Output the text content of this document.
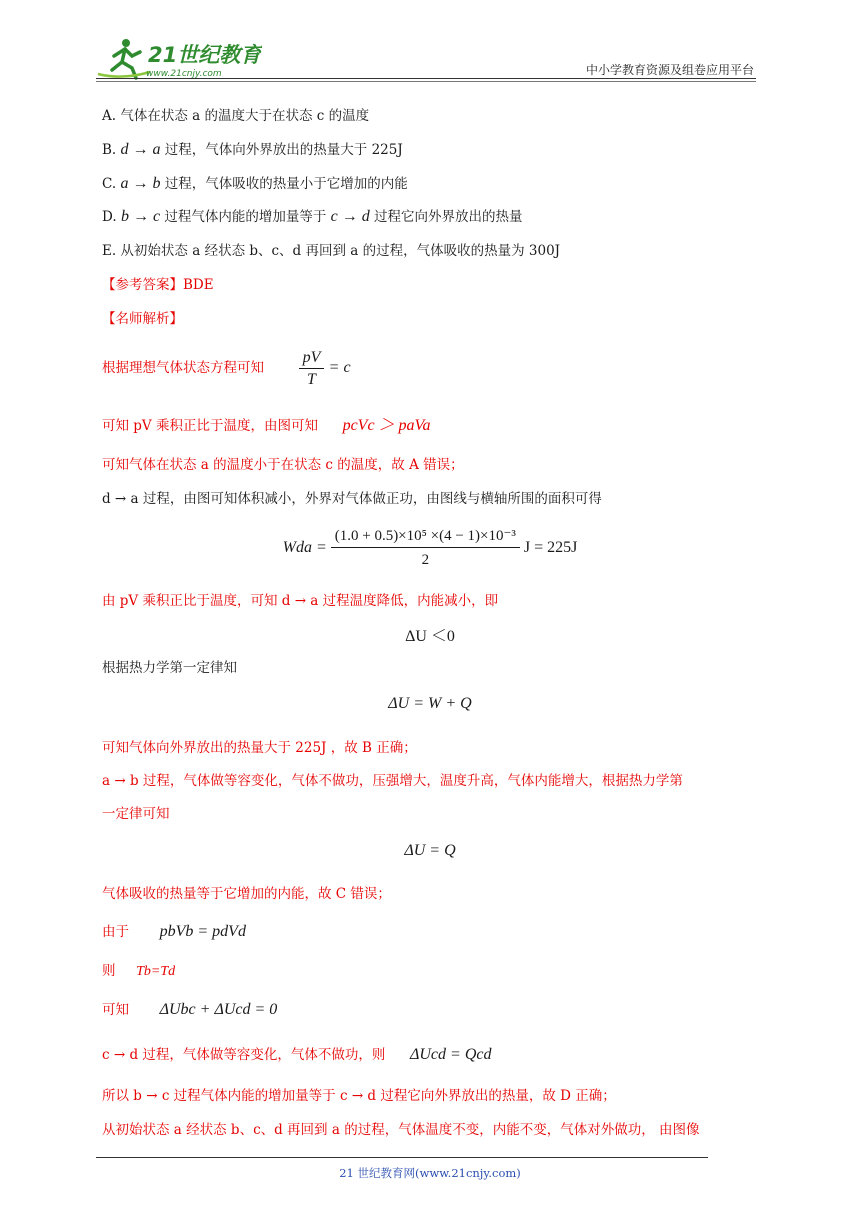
21世纪教育
www.21cnjy.com	中小学教育资源及组卷应用平台
A. 气体在状态 a 的温度大于在状态 c 的温度
B. d → a 过程，气体向外界放出的热量大于 225J
C. a → b 过程，气体吸收的热量小于它增加的内能
D. b → c 过程气体内能的增加量等于 c → d 过程它向外界放出的热量
E. 从初始状态 a 经状态 b、c、d 再回到 a 的过程，气体吸收的热量为 300J
【参考答案】BDE
【名师解析】
根据理想气体状态方程可知 $\frac{pV}{T} = c$
可知 pV 乘积正比于温度，由图可知 pcVc ＞ paVa
可知气体在状态 a 的温度小于在状态 c 的温度，故 A 错误；
d → a 过程，由图可知体积减小，外界对气体做正功，由图线与横轴所围的面积可得
Wda = $\frac{\text{(1.0 + 0.5)×10⁵ ×(4 − 1)×10⁻³}}{2}$ J = 225J
由 pV 乘积正比于温度，可知 d → a 过程温度降低，内能减小，即
ΔU ＜0
根据热力学第一定律知
ΔU = W + Q
可知气体向外界放出的热量大于 225J ，故 B 正确；
a → b 过程，气体做等容变化，气体不做功，压强增大，温度升高，气体内能增大，根据热力学第
一定律可知
ΔU = Q
气体吸收的热量等于它增加的内能，故 C 错误；
由于 pbVb = pdVd
则 Tb=Td
可知 ΔUbc + ΔUcd = 0
c → d 过程，气体做等容变化，气体不做功，则 ΔUcd = Qcd
所以 b → c 过程气体内能的增加量等于 c → d 过程它向外界放出的热量，故 D 正确；
从初始状态 a 经状态 b、c、d 再回到 a 的过程，气体温度不变，内能不变，气体对外做功， 由图像
21 世纪教育网(www.21cnjy.com)
